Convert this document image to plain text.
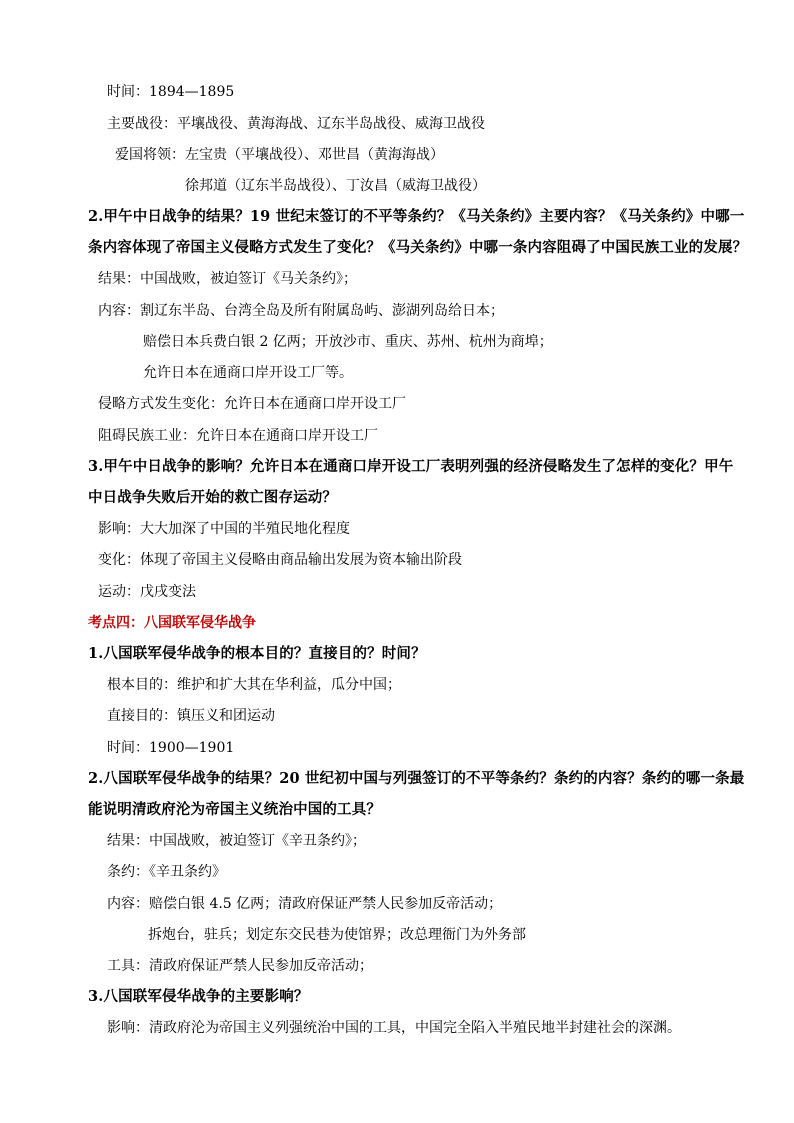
时间：1894—1895
主要战役：平壤战役、黄海海战、辽东半岛战役、威海卫战役
爱国将领：左宝贵（平壤战役）、邓世昌（黄海海战）
徐邦道（辽东半岛战役）、丁汝昌（威海卫战役）
2.甲午中日战争的结果？19 世纪末签订的不平等条约？《马关条约》主要内容？《马关条约》中哪一
条内容体现了帝国主义侵略方式发生了变化？《马关条约》中哪一条内容阻碍了中国民族工业的发展？
结果：中国战败，被迫签订《马关条约》；
内容：割辽东半岛、台湾全岛及所有附属岛屿、澎湖列岛给日本；
赔偿日本兵费白银 2 亿两；开放沙市、重庆、苏州、杭州为商埠；
允许日本在通商口岸开设工厂等。
侵略方式发生变化：允许日本在通商口岸开设工厂
阻碍民族工业：允许日本在通商口岸开设工厂
3.甲午中日战争的影响？允许日本在通商口岸开设工厂表明列强的经济侵略发生了怎样的变化？甲午
中日战争失败后开始的救亡图存运动？
影响：大大加深了中国的半殖民地化程度
变化：体现了帝国主义侵略由商品输出发展为资本输出阶段
运动：戊戌变法
考点四：八国联军侵华战争
1.八国联军侵华战争的根本目的？直接目的？时间？
根本目的：维护和扩大其在华利益，瓜分中国；
直接目的：镇压义和团运动
时间：1900—1901
2.八国联军侵华战争的结果？20 世纪初中国与列强签订的不平等条约？条约的内容？条约的哪一条最
能说明清政府沦为帝国主义统治中国的工具？
结果：中国战败，被迫签订《辛丑条约》；
条约：《辛丑条约》
内容：赔偿白银 4.5 亿两；清政府保证严禁人民参加反帝活动；
拆炮台，驻兵；划定东交民巷为使馆界；改总理衙门为外务部
工具：清政府保证严禁人民参加反帝活动；
3.八国联军侵华战争的主要影响？
影响：清政府沦为帝国主义列强统治中国的工具，中国完全陷入半殖民地半封建社会的深渊。
